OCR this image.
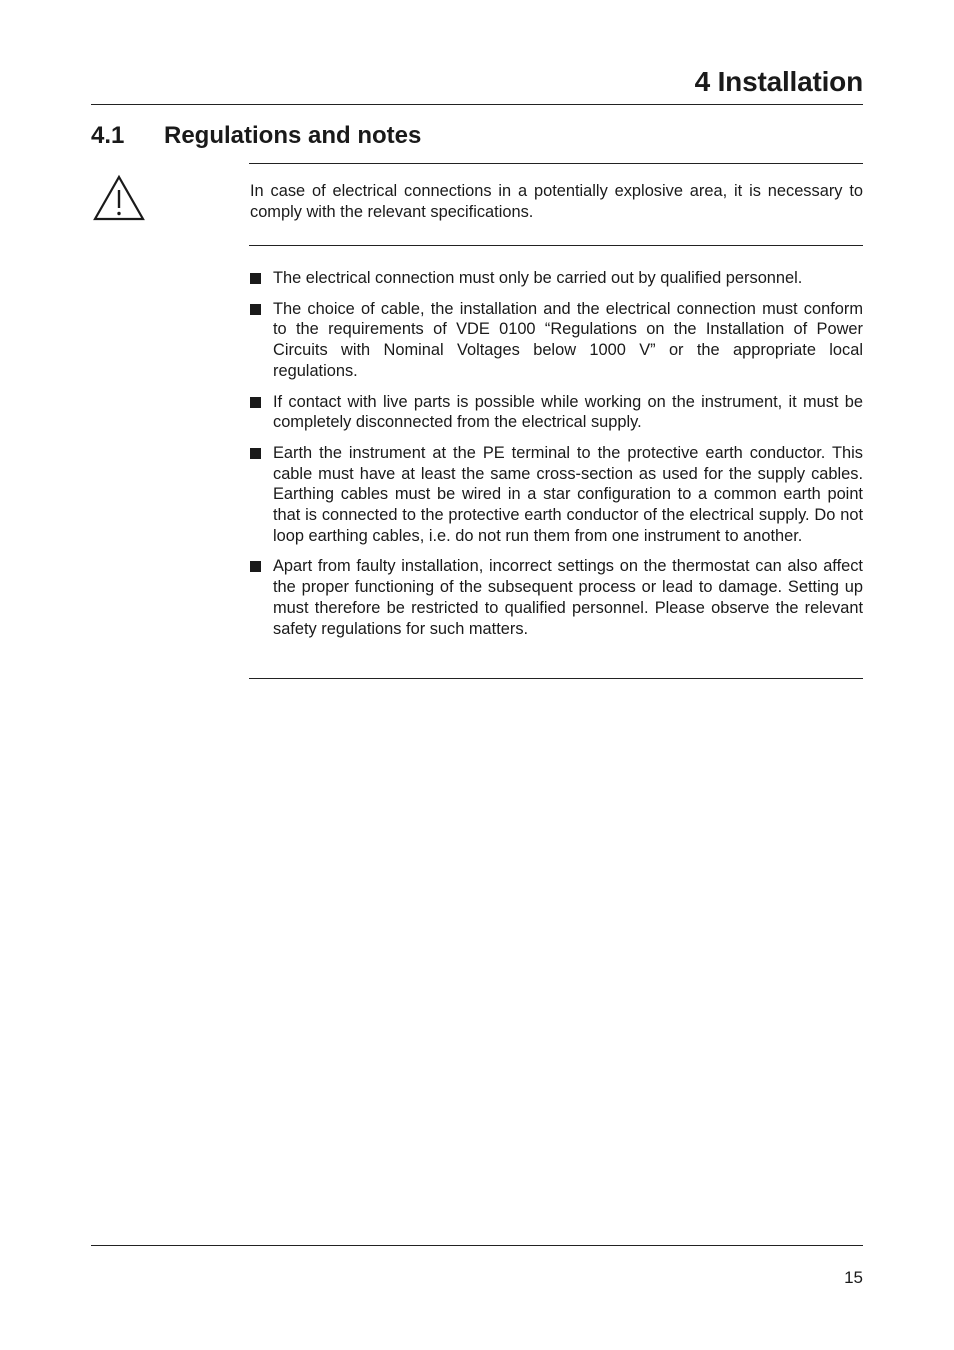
4 Installation
4.1 Regulations and notes

In case of electrical connections in a potentially explosive area, it is necessary to comply with the relevant specifications.

The electrical connection must only be carried out by qualified personnel.
The choice of cable, the installation and the electrical connection must conform to the requirements of VDE 0100 “Regulations on the Installation of Power Circuits with Nominal Voltages below 1000 V” or the appropriate local regulations.
If contact with live parts is possible while working on the instrument, it must be completely disconnected from the electrical supply.
Earth the instrument at the PE terminal to the protective earth conductor. This cable must have at least the same cross-section as used for the supply cables. Earthing cables must be wired in a star configuration to a common earth point that is connected to the protective earth conductor of the electrical supply. Do not loop earthing cables, i.e. do not run them from one instrument to another.
Apart from faulty installation, incorrect settings on the thermostat can also affect the proper functioning of the subsequent process or lead to damage. Setting up must therefore be restricted to qualified personnel. Please observe the relevant safety regulations for such matters.
15
